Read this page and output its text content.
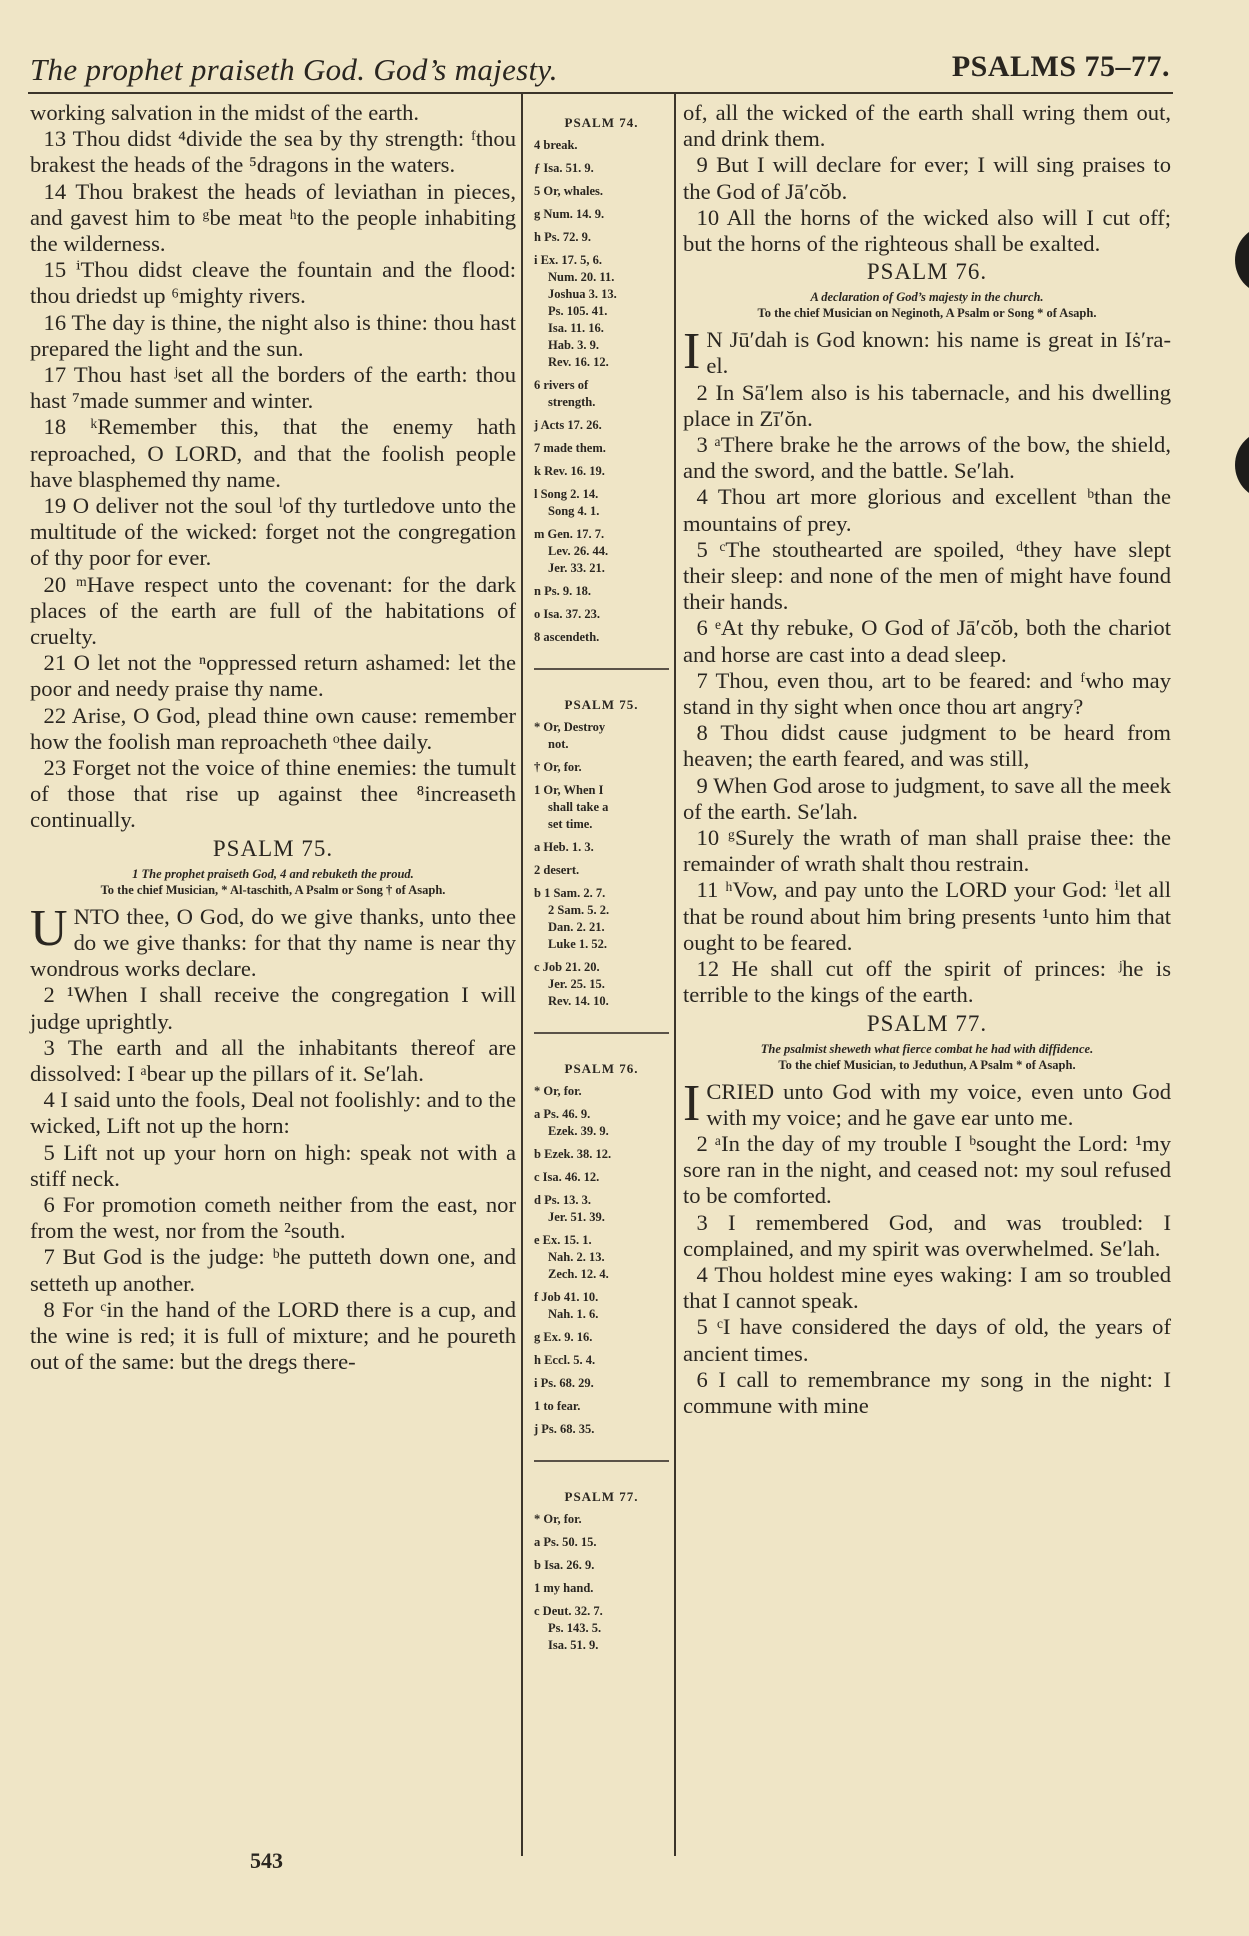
The prophet praiseth God. God’s majesty.	PSALMS 75–77.

working salvation in the midst of the earth.

13 Thou didst ⁴divide the sea by thy strength: ᶠthou brakest the heads of the ⁵dragons in the waters.

14 Thou brakest the heads of leviathan in pieces, and gavest him to ᵍbe meat ʰto the people inhabiting the wilderness.

15 ⁱThou didst cleave the fountain and the flood: thou driedst up ⁶mighty rivers.

16 The day is thine, the night also is thine: thou hast prepared the light and the sun.

17 Thou hast ʲset all the borders of the earth: thou hast ⁷made summer and winter.

18 ᵏRemember this, that the enemy hath reproached, O LORD, and that the foolish people have blasphemed thy name.

19 O deliver not the soul ˡof thy turtledove unto the multitude of the wicked: forget not the congregation of thy poor for ever.

20 ᵐHave respect unto the covenant: for the dark places of the earth are full of the habitations of cruelty.

21 O let not the ⁿoppressed return ashamed: let the poor and needy praise thy name.

22 Arise, O God, plead thine own cause: remember how the foolish man reproacheth ᵒthee daily.

23 Forget not the voice of thine enemies: the tumult of those that rise up against thee ⁸increaseth continually.

PSALM 75.
1 The prophet praiseth God, 4 and rebuketh the proud.
To the chief Musician, * Al-taschith, A Psalm or Song † of Asaph.

UNTO thee, O God, do we give thanks, unto thee do we give thanks: for that thy name is near thy wondrous works declare.

2 ¹When I shall receive the congregation I will judge uprightly.

3 The earth and all the inhabitants thereof are dissolved: I ᵃbear up the pillars of it. Se′lah.

4 I said unto the fools, Deal not foolishly: and to the wicked, Lift not up the horn:

5 Lift not up your horn on high: speak not with a stiff neck.

6 For promotion cometh neither from the east, nor from the west, nor from the ²south.

7 But God is the judge: ᵇhe putteth down one, and setteth up another.

8 For ᶜin the hand of the LORD there is a cup, and the wine is red; it is full of mixture; and he poureth out of the same: but the dregs there-

PSALM 74.
4 break.
ƒ Isa. 51. 9.
5 Or, whales.
g Num. 14. 9.
h Ps. 72. 9.
i Ex. 17. 5, 6.
Num. 20. 11.
Joshua 3. 13.
Ps. 105. 41.
Isa. 11. 16.
Hab. 3. 9.
Rev. 16. 12.
6 rivers of
strength.
j Acts 17. 26.
7 made them.
k Rev. 16. 19.
l Song 2. 14.
Song 4. 1.
m Gen. 17. 7.
Lev. 26. 44.
Jer. 33. 21.
n Ps. 9. 18.
o Isa. 37. 23.
8 ascendeth.
PSALM 75.
* Or, Destroy
not.
† Or, for.
1 Or, When I
shall take a
set time.
a Heb. 1. 3.
2 desert.
b 1 Sam. 2. 7.
2 Sam. 5. 2.
Dan. 2. 21.
Luke 1. 52.
c Job 21. 20.
Jer. 25. 15.
Rev. 14. 10.
PSALM 76.
* Or, for.
a Ps. 46. 9.
Ezek. 39. 9.
b Ezek. 38. 12.
c Isa. 46. 12.
d Ps. 13. 3.
Jer. 51. 39.
e Ex. 15. 1.
Nah. 2. 13.
Zech. 12. 4.
f Job 41. 10.
Nah. 1. 6.
g Ex. 9. 16.
h Eccl. 5. 4.
i Ps. 68. 29.
1 to fear.
j Ps. 68. 35.
PSALM 77.
* Or, for.
a Ps. 50. 15.
b Isa. 26. 9.
1 my hand.
c Deut. 32. 7.
Ps. 143. 5.
Isa. 51. 9.

of, all the wicked of the earth shall wring them out, and drink them.

9 But I will declare for ever; I will sing praises to the God of Jā′cŏb.

10 All the horns of the wicked also will I cut off; but the horns of the righteous shall be exalted.

PSALM 76.
A declaration of God’s majesty in the church.
To the chief Musician on Neginoth, A Psalm or Song * of Asaph.

I N Jū′dah is God known: his name is great in Iṡ′ra-el.

2 In Sā′lem also is his tabernacle, and his dwelling place in Zī′ŏn.

3 ᵃThere brake he the arrows of the bow, the shield, and the sword, and the battle. Se′lah.

4 Thou art more glorious and excellent ᵇthan the mountains of prey.

5 ᶜThe stouthearted are spoiled, ᵈthey have slept their sleep: and none of the men of might have found their hands.

6 ᵉAt thy rebuke, O God of Jā′cŏb, both the chariot and horse are cast into a dead sleep.

7 Thou, even thou, art to be feared: and ᶠwho may stand in thy sight when once thou art angry?

8 Thou didst cause judgment to be heard from heaven; the earth feared, and was still,

9 When God arose to judgment, to save all the meek of the earth. Se′lah.

10 ᵍSurely the wrath of man shall praise thee: the remainder of wrath shalt thou restrain.

11 ʰVow, and pay unto the LORD your God: ⁱlet all that be round about him bring presents ¹unto him that ought to be feared.

12 He shall cut off the spirit of princes: ʲhe is terrible to the kings of the earth.

PSALM 77.
The psalmist sheweth what fierce combat he had with diffidence.
To the chief Musician, to Jeduthun, A Psalm * of Asaph.

I CRIED unto God with my voice, even unto God with my voice; and he gave ear unto me.

2 ᵃIn the day of my trouble I ᵇsought the Lord: ¹my sore ran in the night, and ceased not: my soul refused to be comforted.

3 I remembered God, and was troubled: I complained, and my spirit was overwhelmed. Se′lah.

4 Thou holdest mine eyes waking: I am so troubled that I cannot speak.

5 ᶜI have considered the days of old, the years of ancient times.

6 I call to remembrance my song in the night: I commune with mine

543
